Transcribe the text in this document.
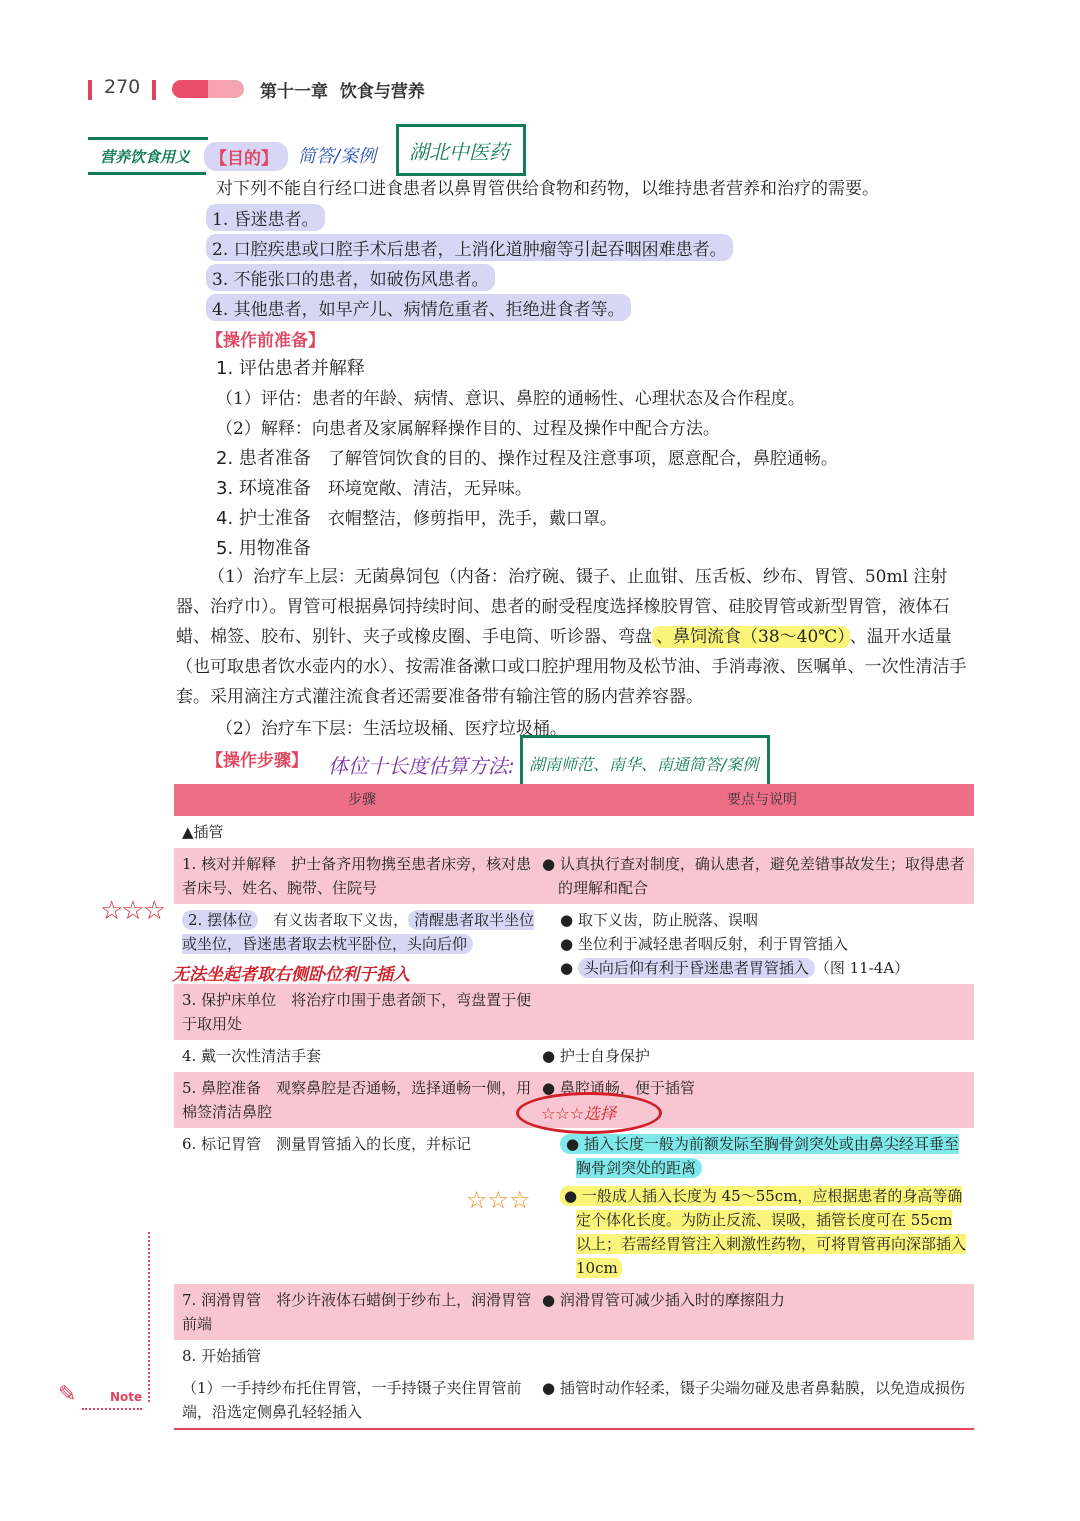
270	第十一章  饮食与营养
营养饮食用义	简答/案例 湖北中医药
【目的】
对下列不能自行经口进食患者以鼻胃管供给食物和药物，以维持患者营养和治疗的需要。
1. 昏迷患者。
2. 口腔疾患或口腔手术后患者，上消化道肿瘤等引起吞咽困难患者。
3. 不能张口的患者，如破伤风患者。
4. 其他患者，如早产儿、病情危重者、拒绝进食者等。
【操作前准备】
1. 评估患者并解释
（1）评估：患者的年龄、病情、意识、鼻腔的通畅性、心理状态及合作程度。
（2）解释：向患者及家属解释操作目的、过程及操作中配合方法。
2. 患者准备　 了解管饲饮食的目的、操作过程及注意事项，愿意配合，鼻腔通畅。
3. 环境准备　 环境宽敞、清洁，无异味。
4. 护士准备　 衣帽整洁，修剪指甲，洗手，戴口罩。
5. 用物准备
（1）治疗车上层：无菌鼻饲包（内备：治疗碗、镊子、止血钳、压舌板、纱布、胃管、50ml 注射器、治疗巾）。胃管可根据鼻饲持续时间、患者的耐受程度选择橡胶胃管、硅胶胃管或新型胃管，液体石蜡、棉签、胶布、别针、夹子或橡皮圈、手电筒、听诊器、弯盘 、鼻饲流食（38～40℃） 、温开水适量（也可取患者饮水壶内的水）、按需准备漱口或口腔护理用物及松节油、手消毒液、医嘱单、一次性清洁手套。采用滴注方式灌注流食者还需要准备带有输注管的肠内营养容器。
（2）治疗车下层：生活垃圾桶、医疗垃圾桶。
【操作步骤】 体位十长度估算方法: 湖南师范、南华、南通简答/案例
步骤	要点与说明
▲插管	
1. 核对并解释　护士备齐用物携至患者床旁，核对患者床号、姓名、腕带、住院号	● 认真执行查对制度，确认患者，避免差错事故发生；取得患者的理解和配合
2. 摆体位　有义齿者取下义齿， 清醒患者取半坐位或坐位，昏迷患者取去枕平卧位，头向后仰	● 取下义齿，防止脱落、误咽
● 坐位利于减轻患者咽反射，利于胃管插入
● 头向后仰有利于昏迷患者胃管插入 （图 11-4A）

3. 保护床单位　将治疗巾围于患者颌下，弯盘置于便于取用处	
4. 戴一次性清洁手套	● 护士自身保护
5. 鼻腔准备　观察鼻腔是否通畅，选择通畅一侧，用棉签清洁鼻腔	● 鼻腔通畅，便于插管
6. 标记胃管　测量胃管插入的长度，并标记	● 插入长度一般为前额发际至胸骨剑突处或由鼻尖经耳垂至胸骨剑突处的距离
● 一般成人插入长度为 45～55cm，应根据患者的身高等确定个体化长度。为防止反流、误吸，插管长度可在 55cm 以上；若需经胃管注入刺激性药物，可将胃管再向深部插入 10cm

7. 润滑胃管　将少许液体石蜡倒于纱布上，润滑胃管前端	● 润滑胃管可减少插入时的摩擦阻力
8. 开始插管	
（1）一手持纱布托住胃管，一手持镊子夹住胃管前端，沿选定侧鼻孔轻轻插入	● 插管时动作轻柔，镊子尖端勿碰及患者鼻黏膜，以免造成损伤
☆☆☆
无法坐起者取右侧卧位利于插入
☆☆☆选择
☆☆☆
✎	Note
